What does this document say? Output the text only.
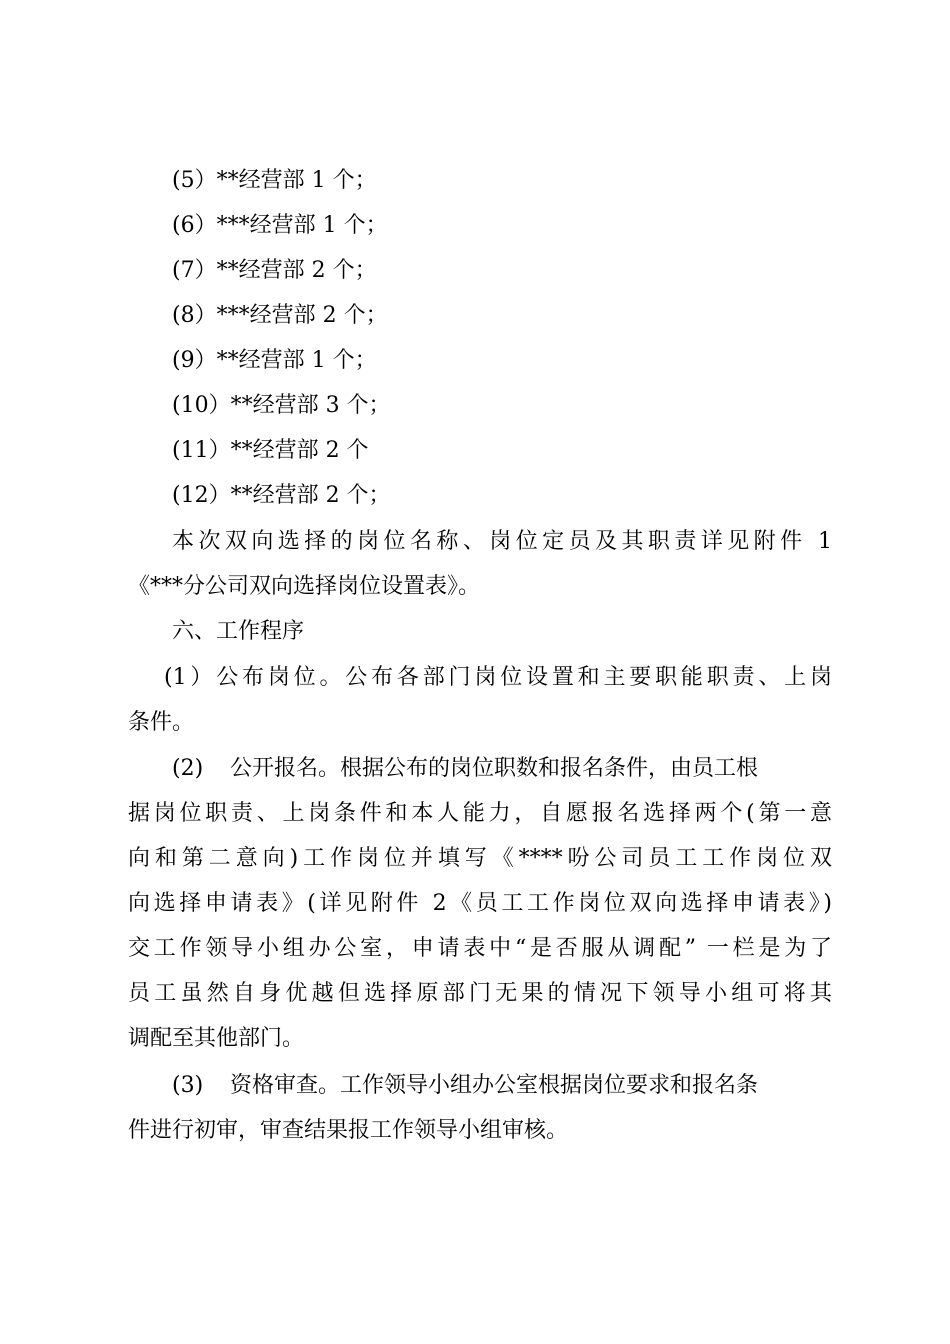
(5）**经营部 1 个；
(6）***经营部 1 个；
(7）**经营部 2 个；
(8）***经营部 2 个；
(9）**经营部 1 个；
(10）**经营部 3 个；
(11）**经营部 2 个
(12）**经营部 2 个；
本次双向选择的岗位名称、岗位定员及其职责详见附件 1
《***分公司双向选择岗位设置表》。
六、工作程序
(1）公布岗位。公布各部门岗位设置和主要职能职责、上岗
条件。
(2) 公开报名。根据公布的岗位职数和报名条件，由员工根
据岗位职责、上岗条件和本人能力，自愿报名选择两个(第一意
向和第二意向)工作岗位并填写《****吩公司员工工作岗位双
向选择申请表》(详见附件 2《员工工作岗位双向选择申请表》)
交工作领导小组办公室，申请表中“是否服从调配” 一栏是为了
员工虽然自身优越但选择原部门无果的情况下领导小组可将其
调配至其他部门。
(3) 资格审查。工作领导小组办公室根据岗位要求和报名条
件进行初审，审查结果报工作领导小组审核。
